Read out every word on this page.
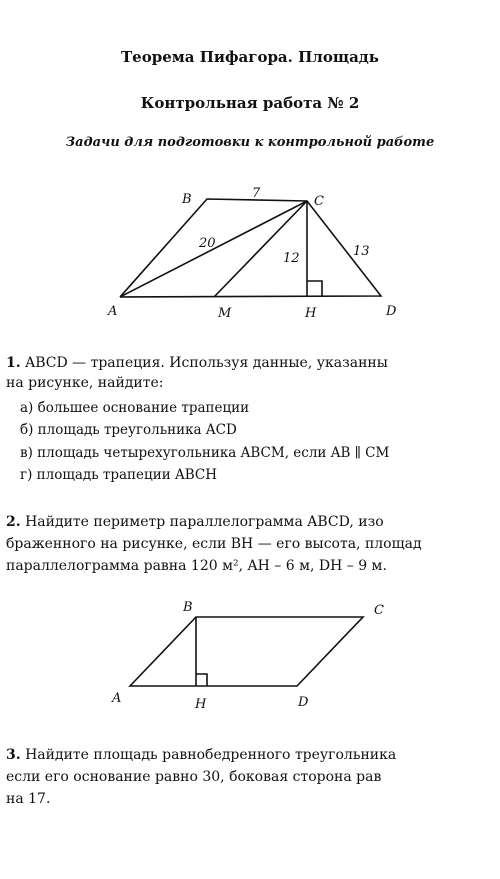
Теорема Пифагора. Площадь
Контрольная работа № 2
Задачи для подготовки к контрольной работе
B	C
A	M	H	D
7
20
12	13
1. ABCD — трапеция. Используя данные, указанны
на рисунке, найдите:
а) большее основание трапеции
б) площадь треугольника ACD
в) площадь четырехугольника ABCM, если AB ∥ CM
г) площадь трапеции ABCH
2. Найдите периметр параллелограмма ABCD, изо
браженного на рисунке, если BH — его высота, площад
параллелограмма равна 120 м², AH – 6 м, DH – 9 м.
B	C
A	H	D
3. Найдите площадь равнобедренного треугольника
если его основание равно 30, боковая сторона рав
на 17.
